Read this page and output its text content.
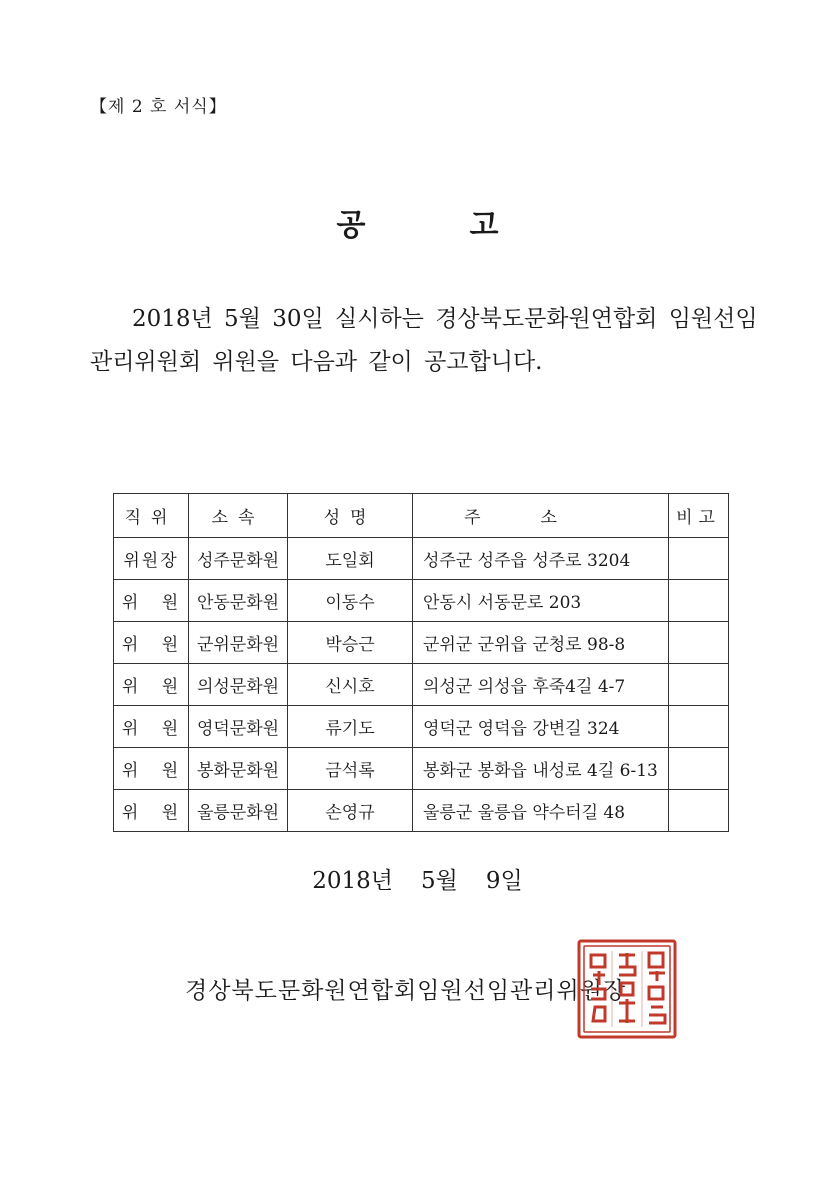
【제 2 호 서식】
공	고
2018년 5월 30일 실시하는 경상북도문화원연합회 임원선임
관리위원회 위원을 다음과 같이 공고합니다.
직위	소속	성명	주소	비고
위원장	성주문화원	도일회	성주군 성주읍 성주로 3204	
위 원	안동문화원	이동수	안동시 서동문로 203	
위 원	군위문화원	박승근	군위군 군위읍 군청로 98-8	
위 원	의성문화원	신시호	의성군 의성읍 후죽4길 4-7	
위 원	영덕문화원	류기도	영덕군 영덕읍 강변길 324	
위 원	봉화문화원	금석록	봉화군 봉화읍 내성로 4길 6-13	
위 원	울릉문화원	손영규	울릉군 울릉읍 약수터길 48	
2018년 5월 9일
경상북도문화원연합회임원선임관리위원장
